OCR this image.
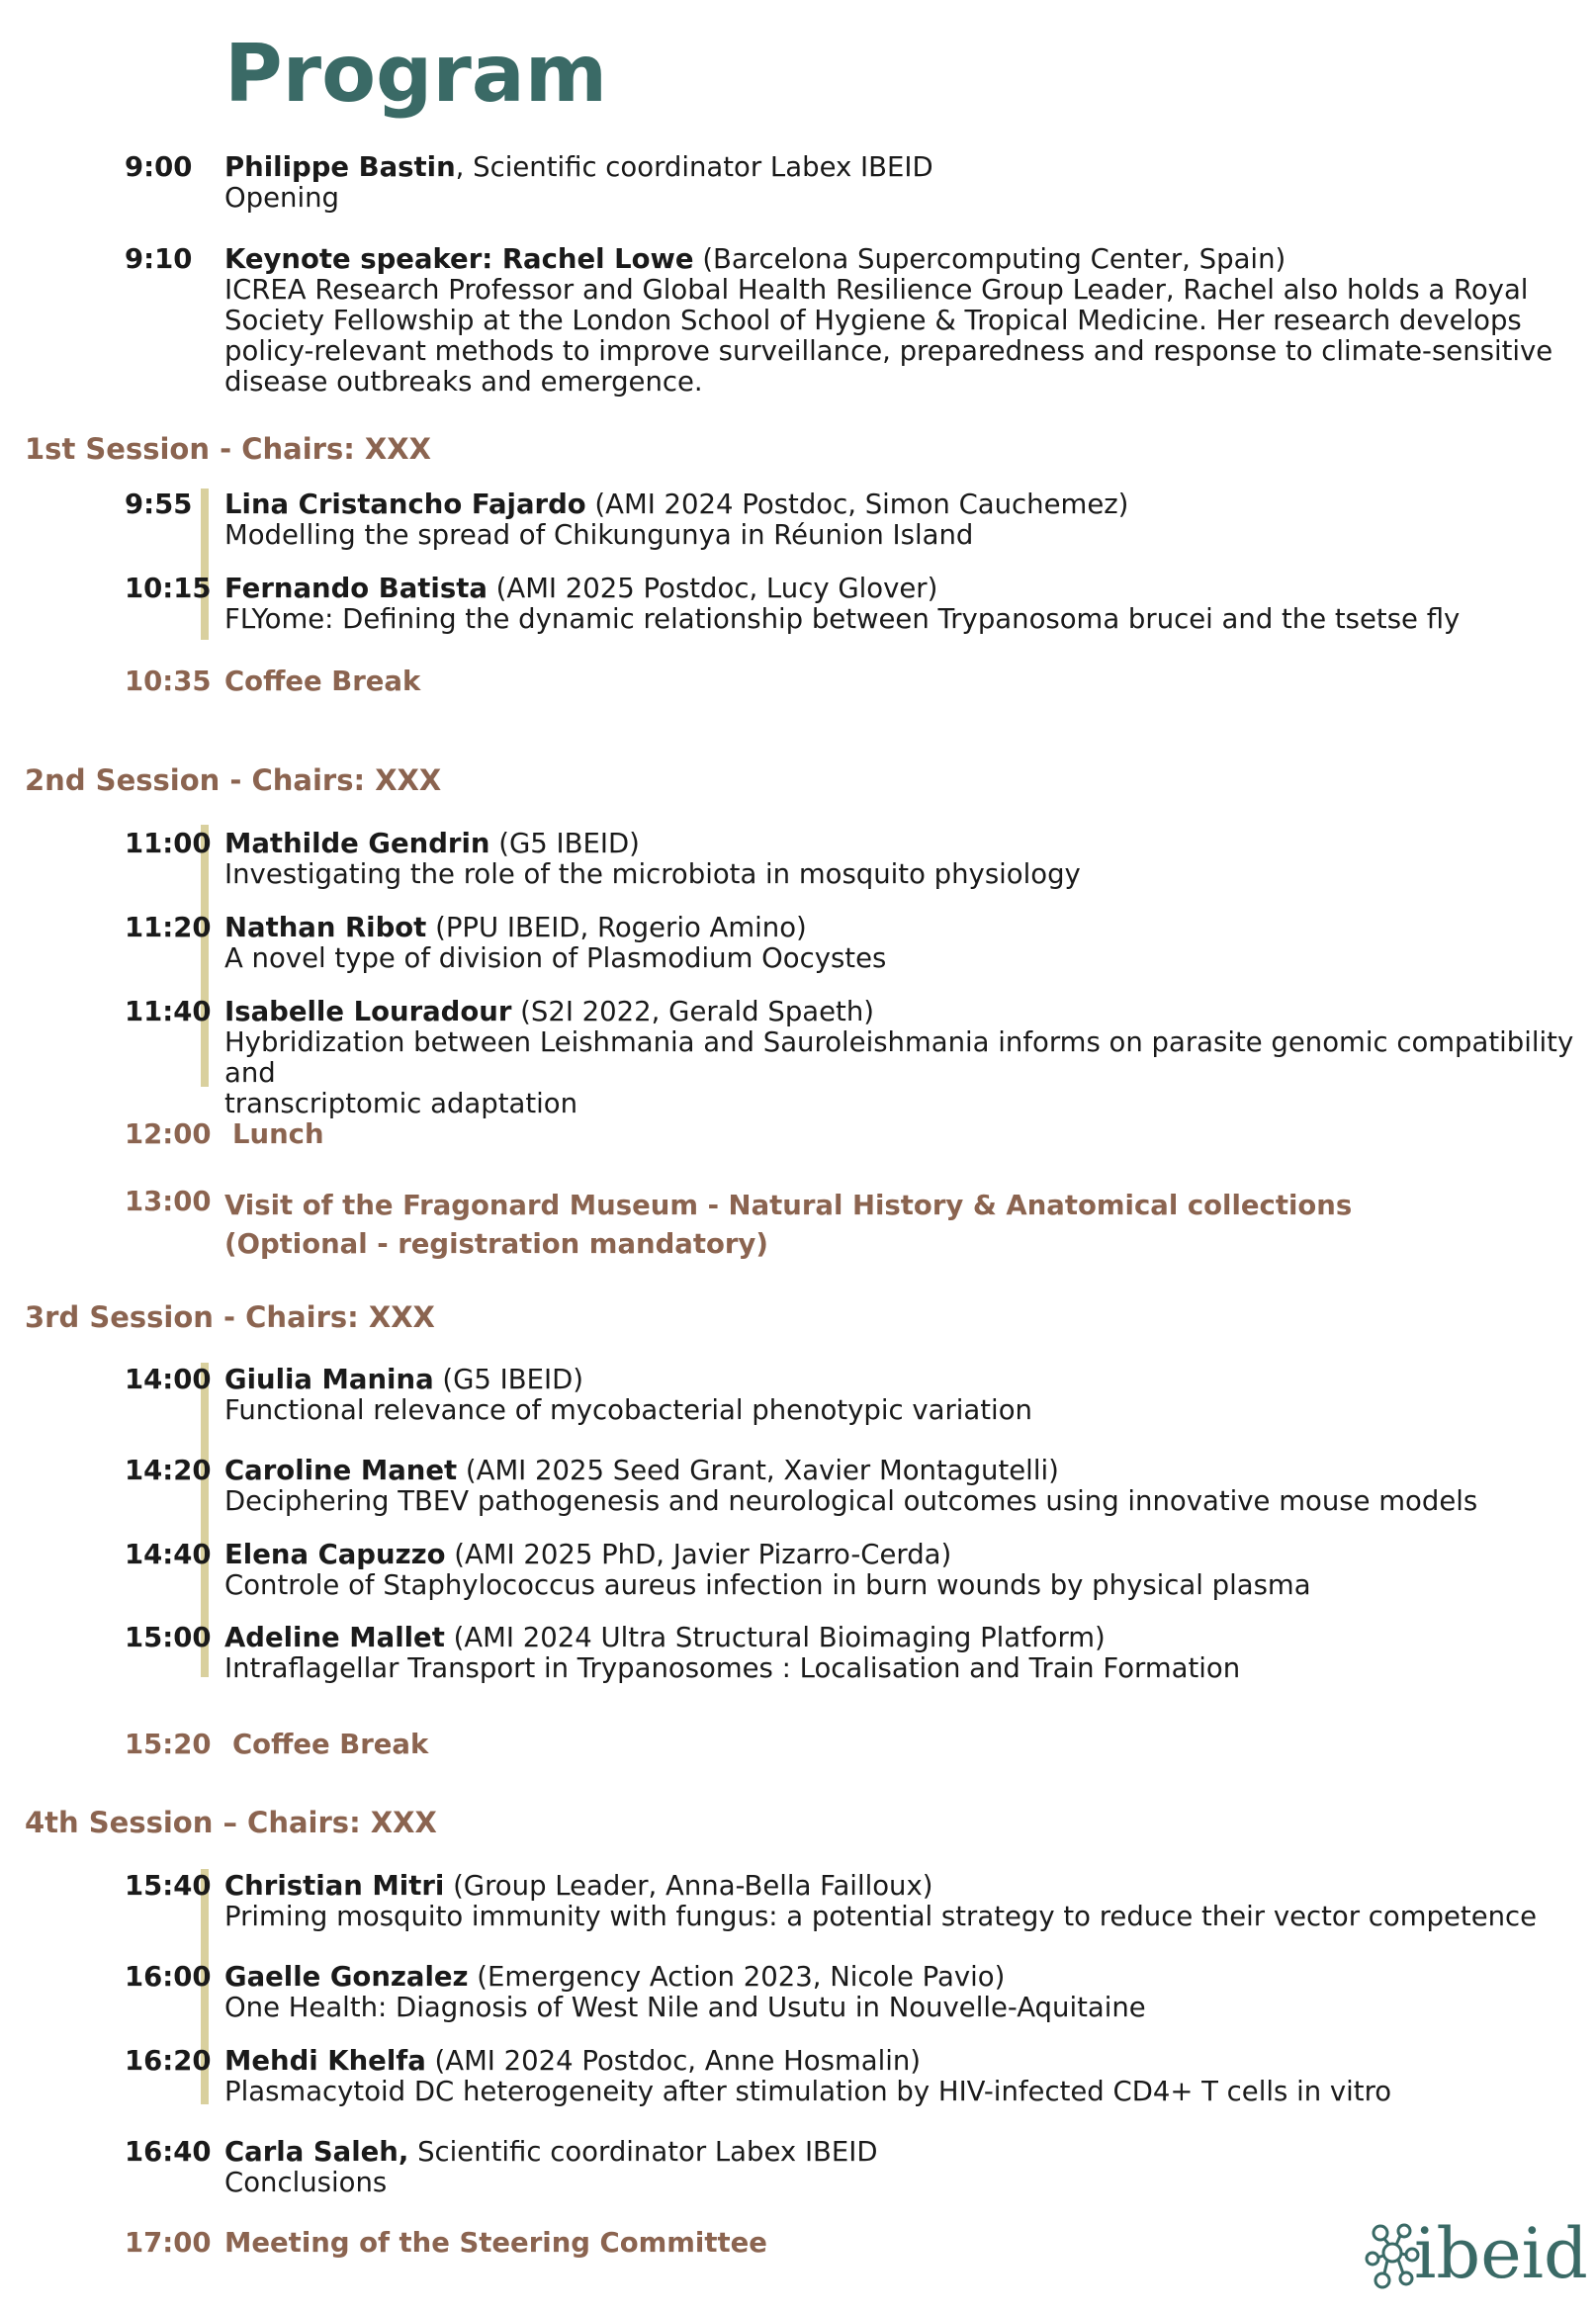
Program
9:00 Philippe Bastin, Scientific coordinator Labex IBEID
Opening
9:10 Keynote speaker: Rachel Lowe (Barcelona Supercomputing Center, Spain)
ICREA Research Professor and Global Health Resilience Group Leader, Rachel also holds a Royal
Society Fellowship at the London School of Hygiene & Tropical Medicine. Her research develops
policy-relevant methods to improve surveillance, preparedness and response to climate-sensitive
disease outbreaks and emergence.
1st Session - Chairs: XXX
9:55 Lina Cristancho Fajardo (AMI 2024 Postdoc, Simon Cauchemez)
Modelling the spread of Chikungunya in Réunion Island
10:15 Fernando Batista (AMI 2025 Postdoc, Lucy Glover)
FLYome: Defining the dynamic relationship between Trypanosoma brucei and the tsetse fly
10:35 Coffee Break
2nd Session - Chairs: XXX
11:00 Mathilde Gendrin (G5 IBEID)
Investigating the role of the microbiota in mosquito physiology
11:20 Nathan Ribot (PPU IBEID, Rogerio Amino)
A novel type of division of Plasmodium Oocystes
11:40 Isabelle Louradour (S2I 2022, Gerald Spaeth)
Hybridization between Leishmania and Sauroleishmania informs on parasite genomic compatibility and
transcriptomic adaptation
12:00 Lunch
13:00 Visit of the Fragonard Museum - Natural History & Anatomical collections
(Optional - registration mandatory)
3rd Session - Chairs: XXX
14:00 Giulia Manina (G5 IBEID)
Functional relevance of mycobacterial phenotypic variation
14:20 Caroline Manet (AMI 2025 Seed Grant, Xavier Montagutelli)
Deciphering TBEV pathogenesis and neurological outcomes using innovative mouse models
14:40 Elena Capuzzo (AMI 2025 PhD, Javier Pizarro-Cerda)
Controle of Staphylococcus aureus infection in burn wounds by physical plasma
15:00 Adeline Mallet (AMI 2024 Ultra Structural Bioimaging Platform)
Intraflagellar Transport in Trypanosomes : Localisation and Train Formation
15:20 Coffee Break
4th Session – Chairs: XXX
15:40 Christian Mitri (Group Leader, Anna-Bella Failloux)
Priming mosquito immunity with fungus: a potential strategy to reduce their vector competence
16:00 Gaelle Gonzalez (Emergency Action 2023, Nicole Pavio)
One Health: Diagnosis of West Nile and Usutu in Nouvelle-Aquitaine
16:20 Mehdi Khelfa (AMI 2024 Postdoc, Anne Hosmalin)
Plasmacytoid DC heterogeneity after stimulation by HIV-infected CD4+ T cells in vitro
16:40 Carla Saleh, Scientific coordinator Labex IBEID
Conclusions
17:00 Meeting of the Steering Committee	ibeid
